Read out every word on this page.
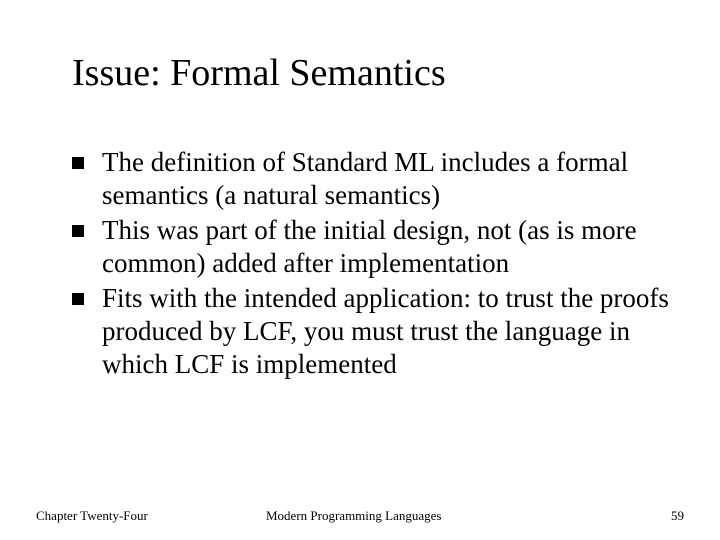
Issue: Formal Semantics
The definition of Standard ML includes a formal semantics (a natural semantics)
This was part of the initial design, not (as is more common) added after implementation
Fits with the intended application: to trust the proofs produced by LCF, you must trust the language in which LCF is implemented
Chapter Twenty-Four	Modern Programming Languages	59
